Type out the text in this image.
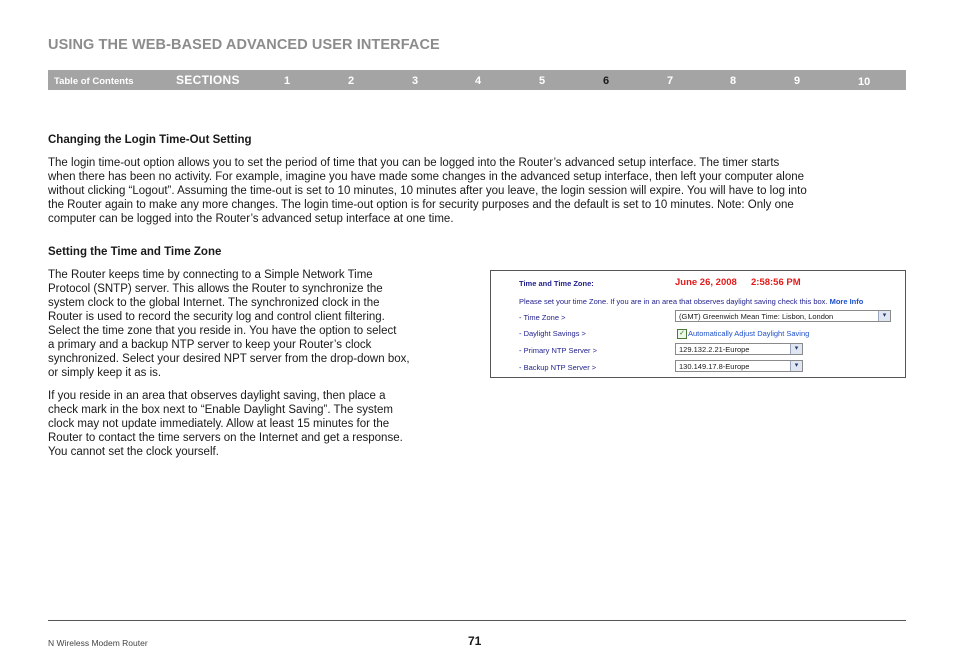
USING THE WEB-BASED ADVANCED USER INTERFACE
Table of Contents	SECTIONS	1	2	3	4	5	6	7	8	9	10
Changing the Login Time-Out Setting
The login time-out option allows you to set the period of time that you can be logged into the Router’s advanced setup interface. The timer starts
when there has been no activity. For example, imagine you have made some changes in the advanced setup interface, then left your computer alone
without clicking “Logout”. Assuming the time-out is set to 10 minutes, 10 minutes after you leave, the login session will expire. You will have to log into
the Router again to make any more changes. The login time-out option is for security purposes and the default is set to 10 minutes. Note: Only one
computer can be logged into the Router’s advanced setup interface at one time.
Setting the Time and Time Zone
The Router keeps time by connecting to a Simple Network Time
Protocol (SNTP) server. This allows the Router to synchronize the
system clock to the global Internet. The synchronized clock in the
Router is used to record the security log and control client filtering.
Select the time zone that you reside in. You have the option to select
a primary and a backup NTP server to keep your Router’s clock
synchronized. Select your desired NPT server from the drop-down box,
or simply keep it as is.
If you reside in an area that observes daylight saving, then place a
check mark in the box next to “Enable Daylight Saving”. The system
clock may not update immediately. Allow at least 15 minutes for the
Router to contact the time servers on the Internet and get a response.
You cannot set the clock yourself.
Time and Time Zone:	June 26, 2008 2:58:56 PM
Please set your time Zone. If you are in an area that observes daylight saving check this box. More Info
- Time Zone >	(GMT) Greenwich Mean Time: Lisbon, London	▾
- Daylight Savings >	✓ Automatically Adjust Daylight Saving
- Primary NTP Server >	129.132.2.21-Europe	▾
- Backup NTP Server >	130.149.17.8-Europe	▾
N Wireless Modem Router	71
